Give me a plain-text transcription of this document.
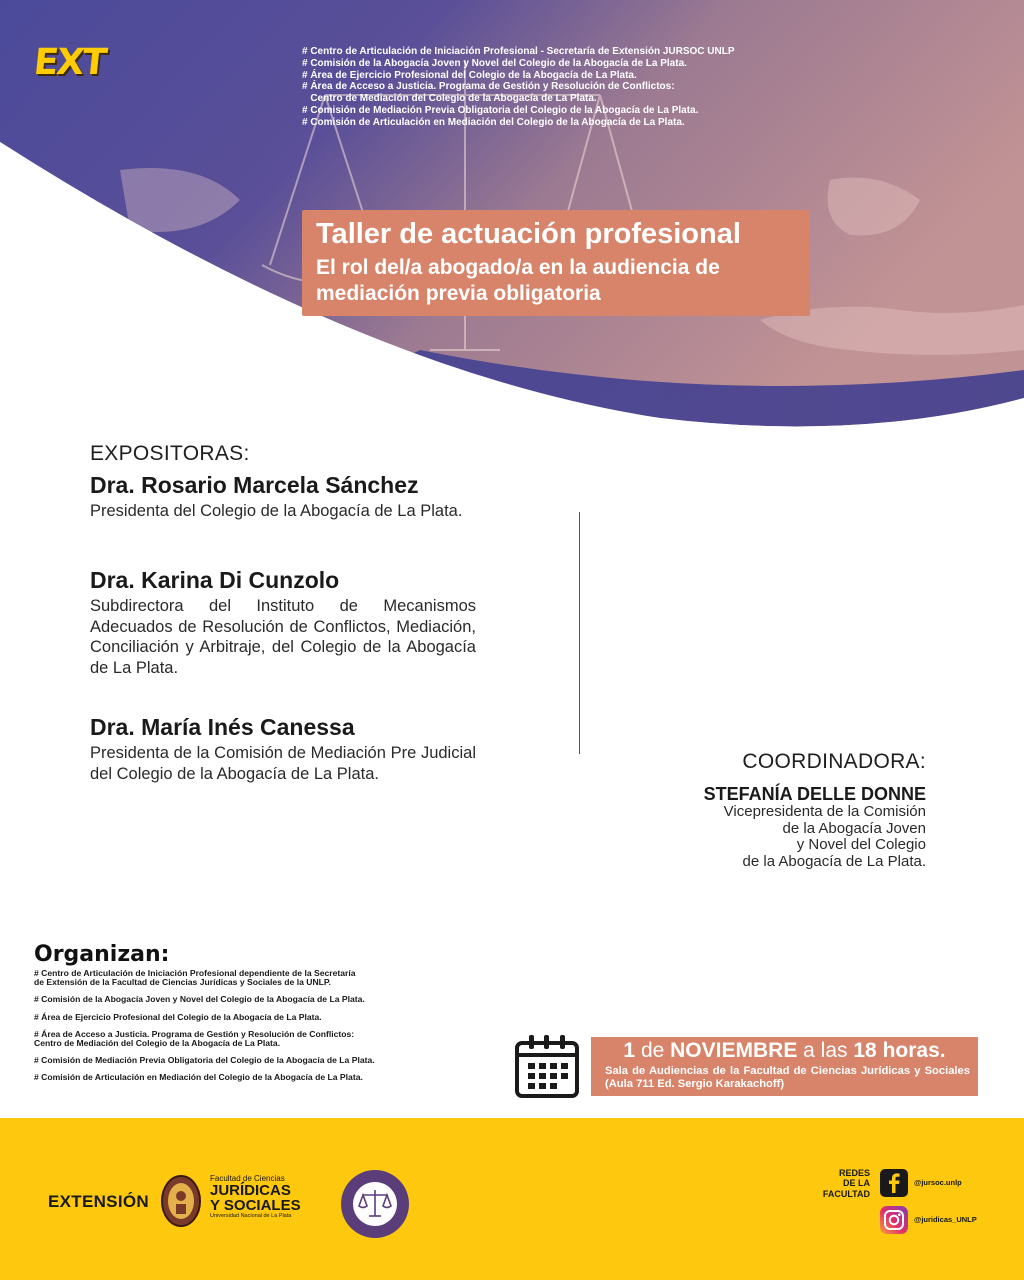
EXT	# Centro de Articulación de Iniciación Profesional - Secretaría de Extensión JURSOC UNLP
# Comisión de la Abogacía Joven y Novel del Colegio de la Abogacía de La Plata.
# Área de Ejercicio Profesional del Colegio de la Abogacía de La Plata.
# Área de Acceso a Justicia. Programa de Gestión y Resolución de Conflictos:
Centro de Mediación del Colegio de la Abogacía de La Plata.
# Comisión de Mediación Previa Obligatoria del Colegio de la Abogacía de La Plata.
# Comisión de Articulación en Mediación del Colegio de la Abogacía de La Plata.
Taller de actuación profesional
El rol del/a abogado/a en la audiencia de mediación previa obligatoria
EXPOSITORAS:
Dra. Rosario Marcela Sánchez
Presidenta del Colegio de la Abogacía de La Plata.
Dra. Karina Di Cunzolo
Subdirectora del Instituto de Mecanismos Adecuados de Resolución de Conflictos, Mediación, Conciliación y Arbitraje, del Colegio de la Abogacía de La Plata.
Dra. María Inés Canessa
Presidenta de la Comisión de Mediación Pre Judicial del Colegio de la Abogacía de La Plata.
COORDINADORA:
STEFANÍA DELLE DONNE
Vicepresidenta de la Comisión
de la Abogacía Joven
y Novel del Colegio
de la Abogacía de La Plata.
Organizan:
# Centro de Articulación de Iniciación Profesional dependiente de la Secretaría
de Extensión de la Facultad de Ciencias Jurídicas y Sociales de la UNLP.
# Comisión de la Abogacía Joven y Novel del Colegio de la Abogacía de La Plata.
# Área de Ejercicio Profesional del Colegio de la Abogacía de La Plata.
# Área de Acceso a Justicia. Programa de Gestión y Resolución de Conflictos:
Centro de Mediación del Colegio de la Abogacía de La Plata.
# Comisión de Mediación Previa Obligatoria del Colegio de la Abogacía de La Plata.
# Comisión de Articulación en Mediación del Colegio de la Abogacía de La Plata.
1 de NOVIEMBRE a las 18 horas.
Sala de Audiencias de la Facultad de Ciencias Jurídicas y Sociales (Aula 711 Ed. Sergio Karakachoff)
EXTENSIÓN
Facultad de Ciencias
JURÍDICAS
Y SOCIALES
Universidad Nacional de La Plata
REDES
DE LA
FACULTAD
@jursoc.unlp
@juridicas_UNLP
